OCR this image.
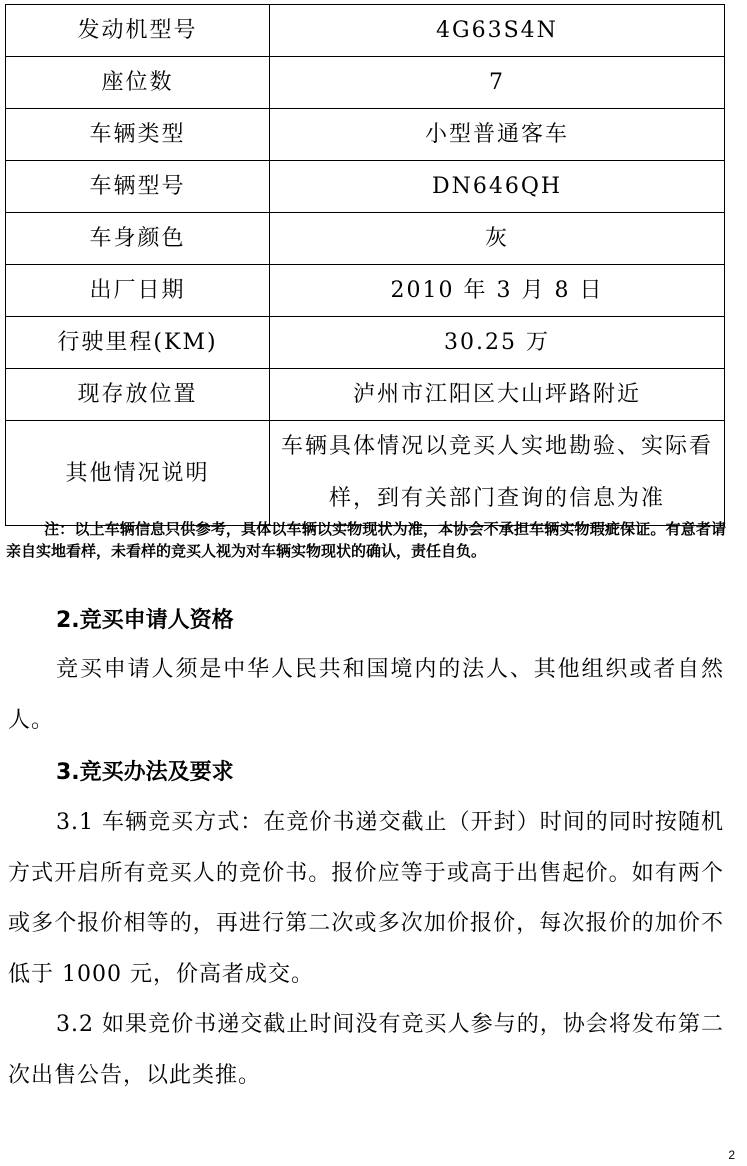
发动机型号	4G63S4N
座位数	7
车辆类型	小型普通客车
车辆型号	DN646QH
车身颜色	灰
出厂日期	2010 年 3 月 8 日
行驶里程(KM)	30.25 万
现存放位置	泸州市江阳区大山坪路附近
其他情况说明	车辆具体情况以竞买人实地勘验、实际看样，到有关部门查询的信息为准
注：以上车辆信息只供参考，具体以车辆以实物现状为准，本协会不承担车辆实物瑕疵保证。有意者请亲自实地看样，未看样的竞买人视为对车辆实物现状的确认，责任自负。
2.竞买申请人资格
竞买申请人须是中华人民共和国境内的法人、其他组织或者自然人。
3.竞买办法及要求
3.1 车辆竞买方式：在竞价书递交截止（开封）时间的同时按随机方式开启所有竞买人的竞价书。报价应等于或高于出售起价。如有两个或多个报价相等的，再进行第二次或多次加价报价，每次报价的加价不低于 1000 元，价高者成交。
3.2 如果竞价书递交截止时间没有竞买人参与的，协会将发布第二次出售公告，以此类推。
2
